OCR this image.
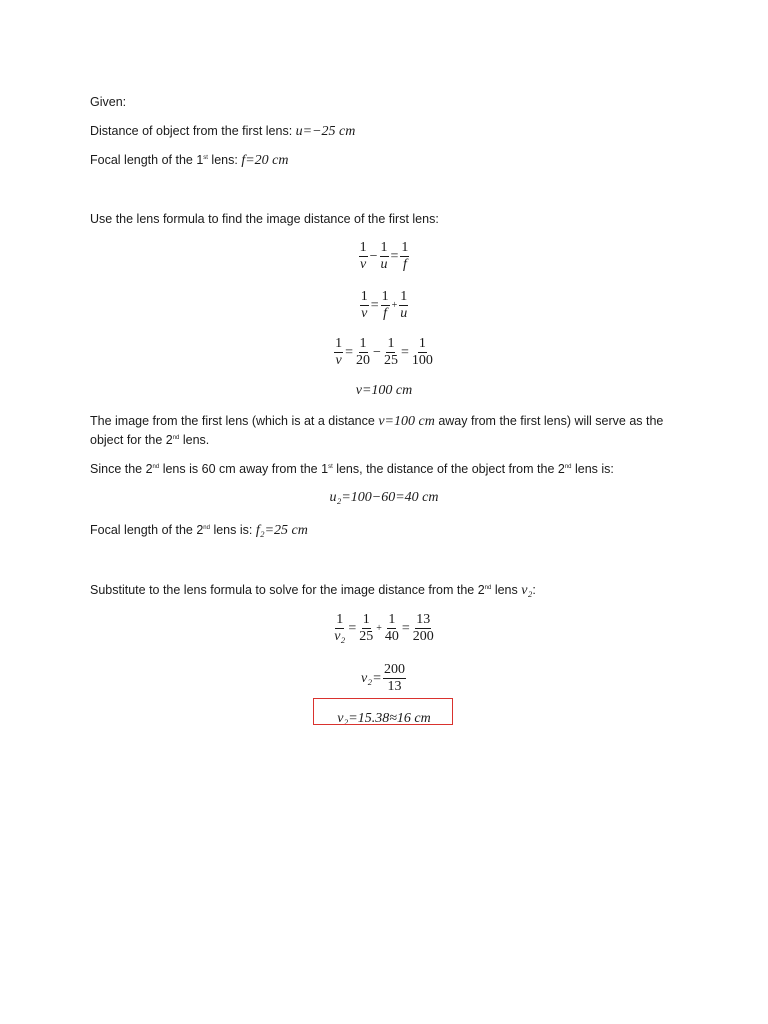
Given:
Distance of object from the first lens: u=−25 cm
Focal length of the 1st lens: f=20 cm
Use the lens formula to find the image distance of the first lens:
$\frac{1}{v} - \frac{1}{u} = \frac{1}{f}$
$\frac{1}{v} = \frac{1}{f} + \frac{1}{u}$
$\frac{1}{v} = \frac{1}{20} - \frac{1}{25} = \frac{1}{100}$
v=100 cm
The image from the first lens (which is at a distance v=100 cm away from the first lens) will serve as the
object for the 2nd lens.
Since the 2nd lens is 60 cm away from the 1st lens, the distance of the object from the 2nd lens is:
u₂=100−60=40 cm
Focal length of the 2nd lens is: f₂=25 cm
Substitute to the lens formula to solve for the image distance from the 2nd lens v₂:
$\frac{1}{\text{v₂}} = \frac{1}{25} + \frac{1}{40} = \frac{13}{200}$
$v_2 = \frac{200}{13}$
v₂=15.38≈16 cm
